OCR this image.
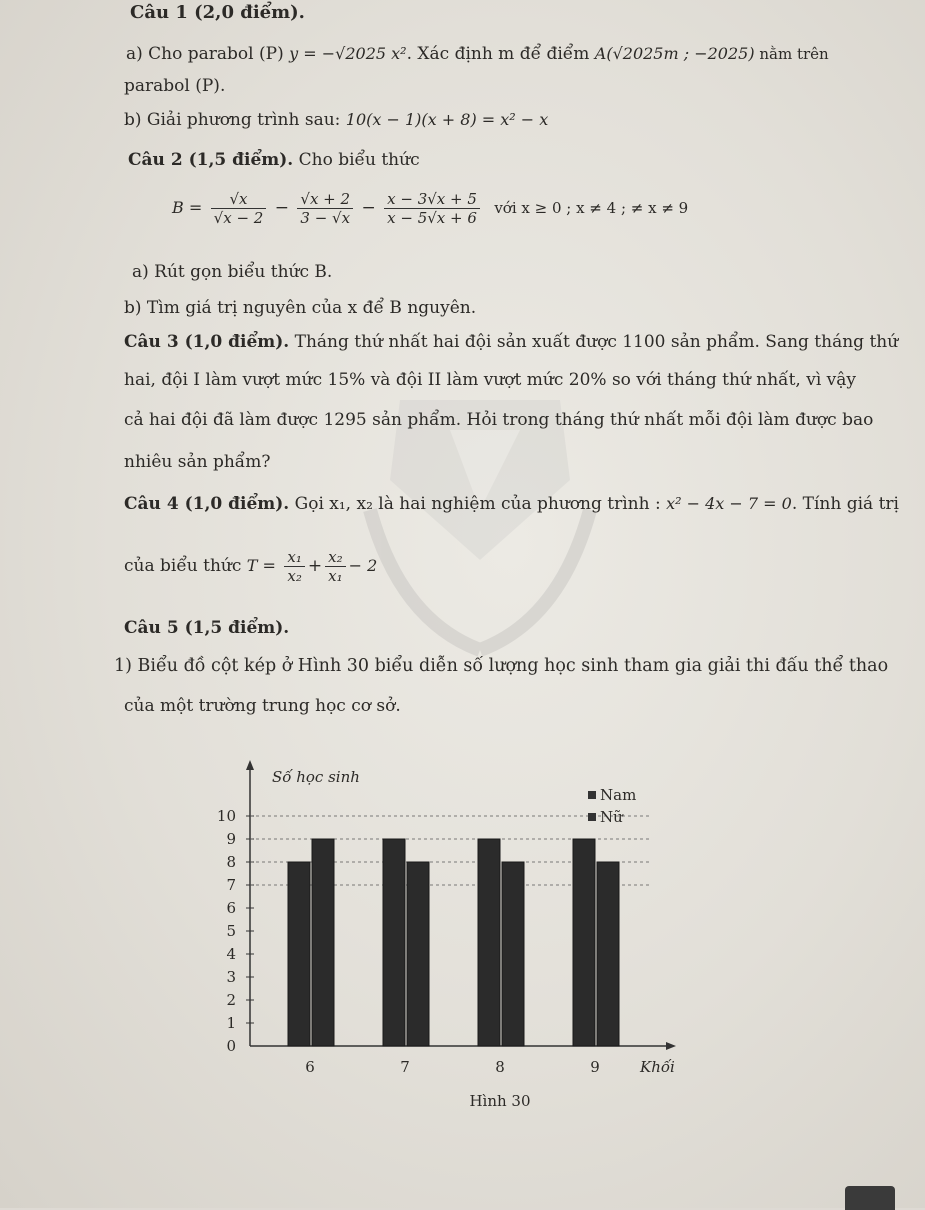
Câu 1 (2,0 điểm).
a) Cho parabol (P) y = −√2025 x². Xác định m để điểm A(√2025m ; −2025) nằm trên
parabol (P).
b) Giải phương trình sau: 10(x − 1)(x + 8) = x² − x
Câu 2 (1,5 điểm). Cho biểu thức
$B = \frac{√x}{√x - 2} - \frac{√x + 2}{3 - √x} - \frac{x - 3√x + 5}{x - 5√x + 6}$ với x ≥ 0 ; x ≠ 4 ; ≠ x ≠ 9
a) Rút gọn biểu thức B.
b) Tìm giá trị nguyên của x để B nguyên.
Câu 3 (1,0 điểm). Tháng thứ nhất hai đội sản xuất được 1100 sản phẩm. Sang tháng thứ
hai, đội I làm vượt mức 15% và đội II làm vượt mức 20% so với tháng thứ nhất, vì vậy
cả hai đội đã làm được 1295 sản phẩm. Hỏi trong tháng thứ nhất mỗi đội làm được bao
nhiêu sản phẩm?
Câu 4 (1,0 điểm). Gọi x₁, x₂ là hai nghiệm của phương trình : x² − 4x − 7 = 0. Tính giá trị
của biểu thức $T = \frac{\text{x₁}}{\text{x₂}} + \frac{\text{x₂}}{\text{x₁}} - 2$
Câu 5 (1,5 điểm).
1) Biểu đồ cột kép ở Hình 30 biểu diễn số lượng học sinh tham gia giải thi đấu thể thao
của một trường trung học cơ sở.
0
1
2
3
4
5
6
7
8
9
10
6	7	8	9
Số học sinh
Khối
Nam
Nữ
Hình 30
